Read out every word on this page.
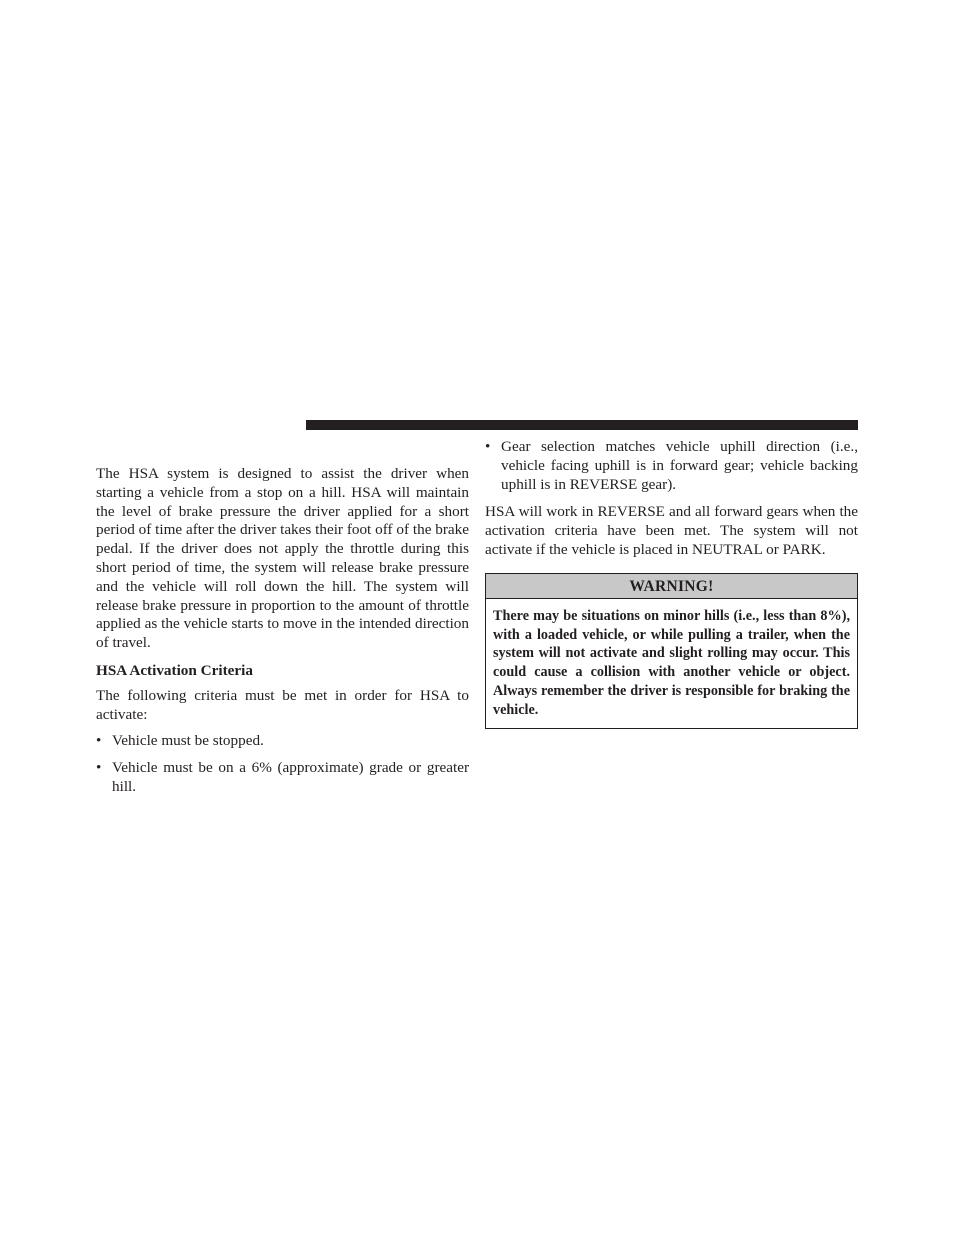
The HSA system is designed to assist the driver when starting a vehicle from a stop on a hill. HSA will maintain the level of brake pressure the driver applied for a short period of time after the driver takes their foot off of the brake pedal. If the driver does not apply the throttle during this short period of time, the system will release brake pressure and the vehicle will roll down the hill. The system will release brake pressure in proportion to the amount of throttle applied as the vehicle starts to move in the intended direction of travel.

HSA Activation Criteria

The following criteria must be met in order for HSA to activate:

• Vehicle must be stopped.
• Vehicle must be on a 6% (approximate) grade or greater hill.
• Gear selection matches vehicle uphill direction (i.e., vehicle facing uphill is in forward gear; vehicle backing uphill is in REVERSE gear).

HSA will work in REVERSE and all forward gears when the activation criteria have been met. The system will not activate if the vehicle is placed in NEUTRAL or PARK.

WARNING!
There may be situations on minor hills (i.e., less than 8%), with a loaded vehicle, or while pulling a trailer, when the system will not activate and slight rolling may occur. This could cause a collision with another vehicle or object. Always remember the driver is responsible for braking the vehicle.
